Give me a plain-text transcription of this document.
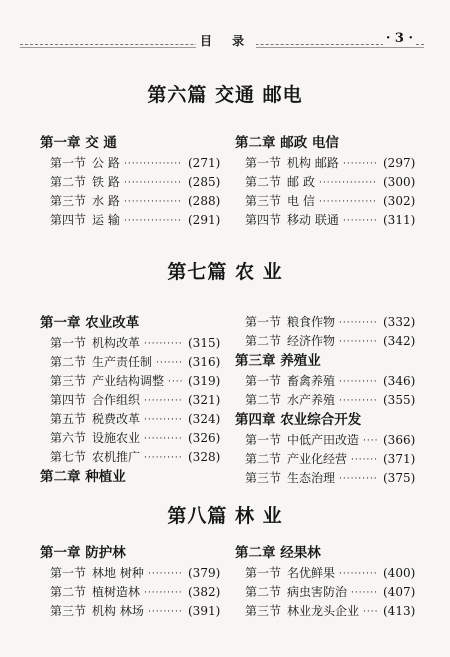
目 录	· 3 ·
第六篇 交通 邮电
第一章 交 通
第一节 公 路 ··············· (271)
第二节 铁 路 ··············· (285)
第三节 水 路 ··············· (288)
第四节 运 输 ··············· (291)
第二章 邮政 电信
第一节 机构 邮路 ········· (297)
第二节 邮 政 ··············· (300)
第三节 电 信 ··············· (302)
第四节 移动 联通 ········· (311)
第七篇 农 业
第一章 农业改革
第一节 机构改革 ·········· (315)
第二节 生产责任制 ······· (316)
第三节 产业结构调整 ···· (319)
第四节 合作组织 ·········· (321)
第五节 税费改革 ·········· (324)
第六节 设施农业 ·········· (326)
第七节 农机推广 ·········· (328)
第二章 种植业
第一节 粮食作物 ·········· (332)
第二节 经济作物 ·········· (342)
第三章 养殖业
第一节 畜禽养殖 ·········· (346)
第二节 水产养殖 ·········· (355)
第四章 农业综合开发
第一节 中低产田改造 ···· (366)
第二节 产业化经营 ······· (371)
第三节 生态治理 ·········· (375)
第八篇 林 业
第一章 防护林
第一节 林地 树种 ········· (379)
第二节 植树造林 ·········· (382)
第三节 机构 林场 ········· (391)
第二章 经果林
第一节 名优鲜果 ·········· (400)
第二节 病虫害防治 ······· (407)
第三节 林业龙头企业 ···· (413)
